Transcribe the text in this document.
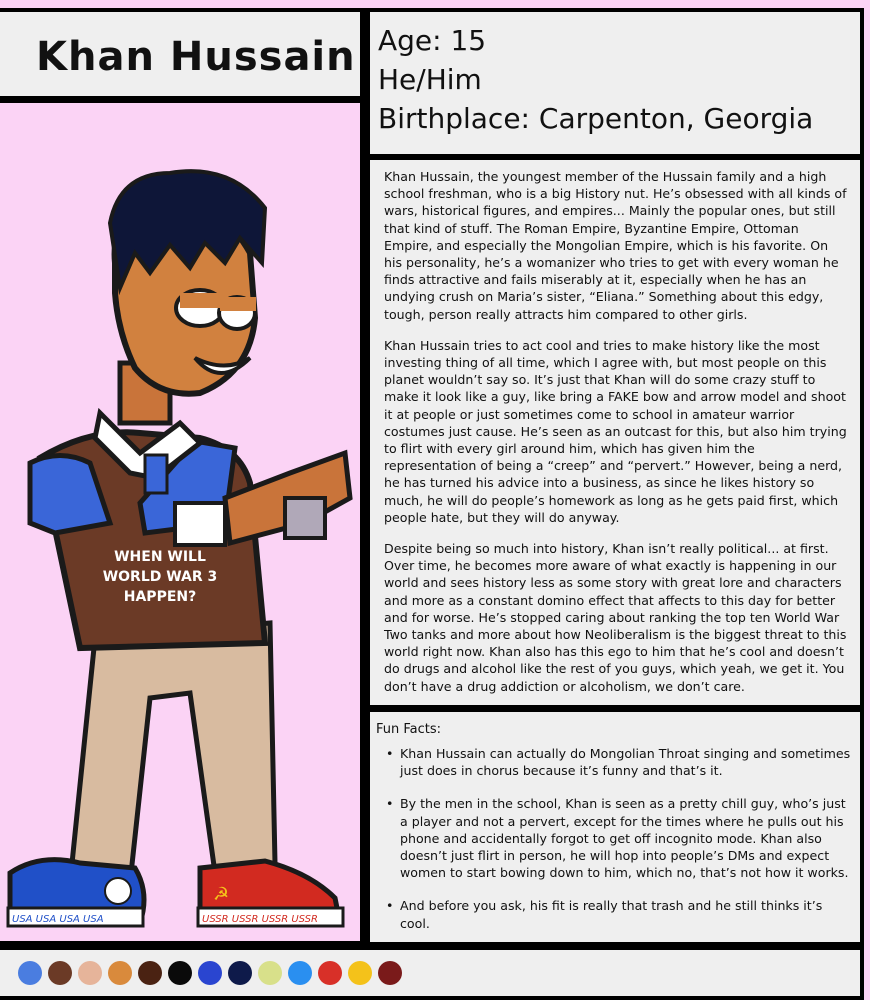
Khan Hussain
USA USA USA USA
☭
USSR USSR USSR USSR
WHEN WILL
WORLD WAR 3
HAPPEN?
Age: 15
He/Him
Birthplace: Carpenton, Georgia

Khan Hussain, the youngest member of the Hussain family and a high school freshman, who is a big History nut. He’s obsessed with all kinds of wars, historical figures, and empires... Mainly the popular ones, but still that kind of stuff. The Roman Empire, Byzantine Empire, Ottoman Empire, and especially the Mongolian Empire, which is his favorite. On his personality, he’s a womanizer who tries to get with every woman he finds attractive and fails miserably at it, especially when he has an undying crush on Maria’s sister, “Eliana.” Something about this edgy, tough, person really attracts him compared to other girls.

Khan Hussain tries to act cool and tries to make history like the most investing thing of all time, which I agree with, but most people on this planet wouldn’t say so. It’s just that Khan will do some crazy stuff to make it look like a guy, like bring a FAKE bow and arrow model and shoot it at people or just sometimes come to school in amateur warrior costumes just cause. He’s seen as an outcast for this, but also him trying to flirt with every girl around him, which has given him the representation of being a “creep” and “pervert.” However, being a nerd, he has turned his advice into a business, as since he likes history so much, he will do people’s homework as long as he gets paid first, which people hate, but they will do anyway.

Despite being so much into history, Khan isn’t really political... at first. Over time, he becomes more aware of what exactly is happening in our world and sees history less as some story with great lore and characters and more as a constant domino effect that affects to this day for better and for worse. He’s stopped caring about ranking the top ten World War Two tanks and more about how Neoliberalism is the biggest threat to this world right now. Khan also has this ego to him that he’s cool and doesn’t do drugs and alcohol like the rest of you guys, which yeah, we get it. You don’t have a drug addiction or alcoholism, we don’t care.

Fun Facts:
• Khan Hussain can actually do Mongolian Throat singing and sometimes just does in chorus because it’s funny and that’s it.
• By the men in the school, Khan is seen as a pretty chill guy, who’s just a player and not a pervert, except for the times where he pulls out his phone and accidentally forgot to get off incognito mode. Khan also doesn’t just flirt in person, he will hop into people’s DMs and expect women to start bowing down to him, which no, that’s not how it works.
• And before you ask, his fit is really that trash and he still thinks it’s cool.
